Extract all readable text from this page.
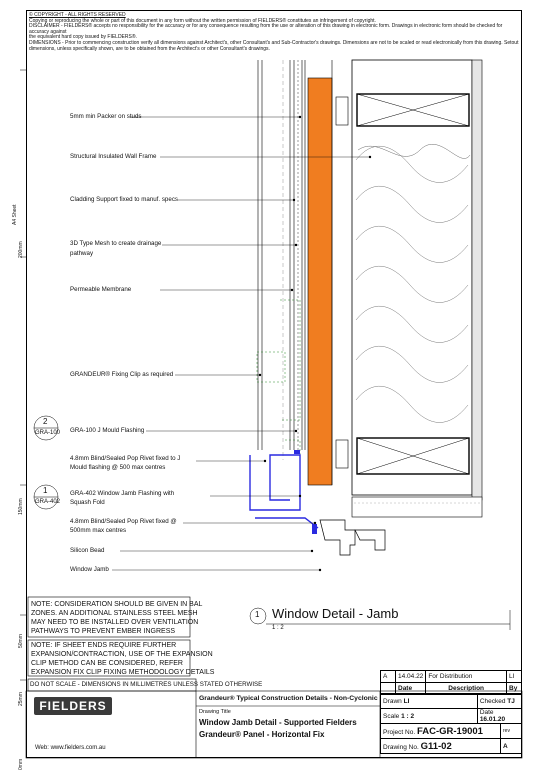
© COPYRIGHT - ALL RIGHTS RESERVED
Copying or reproducing the whole or part of this document in any form without the written permission of FIELDERS® constitutes an infringement of copyright.
DISCLAIMER - FIELDERS® accepts no responsibility for the accuracy or for any consequence resulting from the use or alteration of this drawing in electronic form. Drawings in electronic form should be checked for accuracy against
the equivalent hard copy issued by FIELDERS®.
DIMENSIONS - Prior to commencing construction verify all dimensions against Architect's, other Consultant's and Sub-Contractor's drawings. Dimensions are not to be scaled or read electronically from this drawing. Setout
dimensions, unless specifically shown, are to be obtained from the Architect's or other Consultant's drawings.
A4 Sheet
200mm
150mm
50mm
25mm
0mm
5mm min Packer on studs
Structural Insulated Wall Frame
Cladding Support fixed to manuf. specs
3D Type Mesh to create drainage
pathway
Permeable Membrane
GRANDEUR® Fixing Clip as required
GRA-100 J Mould Flashing
4.8mm Blind/Sealed Pop Rivet fixed to J
Mould flashing @ 500 max centres
GRA-402 Window Jamb Flashing with
Squash Fold
4.8mm Blind/Sealed Pop Rivet fixed @
500mm max centres
Silicon Bead
Window Jamb
2
GRA-100
1
GRA-402
1 Window Detail - Jamb
1 : 2
NOTE: CONSIDERATION SHOULD BE GIVEN IN BAL
ZONES. AN ADDITIONAL STAINLESS STEEL MESH
MAY NEED TO BE INSTALLED OVER VENTILATION
PATHWAYS TO PREVENT EMBER INGRESS
NOTE: IF SHEET ENDS REQUIRE FURTHER
EXPANSION/CONTRACTION, USE OF THE EXPANSION
CLIP METHOD CAN BE CONSIDERED, REFER
EXPANSION FIX CLIP FIXING METHODOLOGY DETAILS
DO NOT SCALE - DIMENSIONS IN MILLIMETRES UNLESS STATED OTHERWISE
A	14.04.22	For Distribution	LI
	Date	Description	By
FIELDERS
Web: www.fielders.com.au
Grandeur® Typical Construction Details - Non-Cyclonic
Drawing Title
Window Jamb Detail - Supported Fielders
Grandeur® Panel - Horizontal Fix
Drawn LI	Checked TJ	
Scale 1 : 2	Date 16.01.20	
Project No. FAC-GR-19001		rev
Drawing No. G11-02		A
